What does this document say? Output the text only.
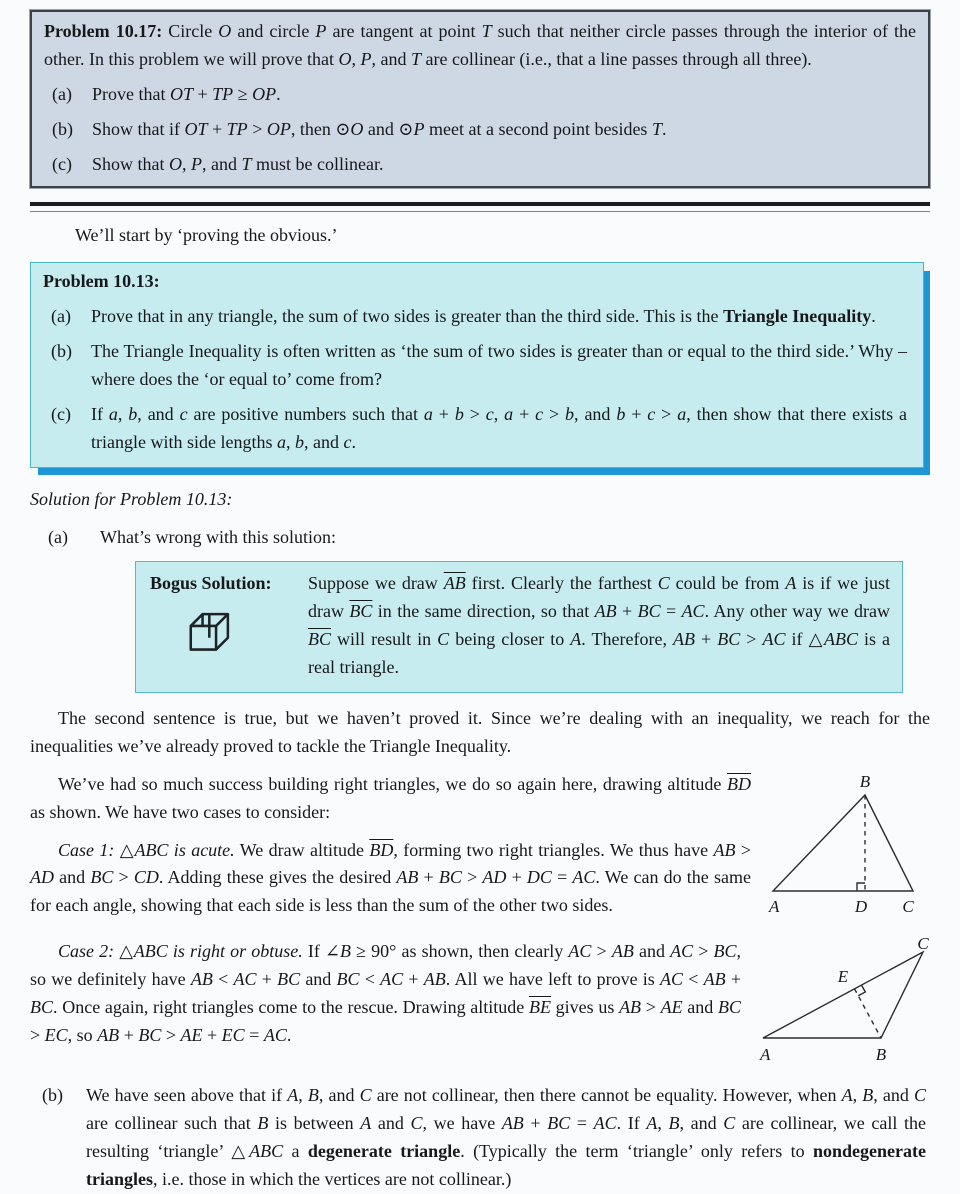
Problem 10.17: Circle O and circle P are tangent at point T such that neither circle passes through the interior of the other. In this problem we will prove that O, P, and T are collinear (i.e., that a line passes through all three).
(a)	Prove that OT + TP ≥ OP.
(b)	Show that if OT + TP > OP, then ⊙O and ⊙P meet at a second point besides T.
(c)	Show that O, P, and T must be collinear.
We’ll start by ‘proving the obvious.’
Problem 10.13:
(a)	Prove that in any triangle, the sum of two sides is greater than the third side. This is the Triangle Inequality.
(b)	The Triangle Inequality is often written as ‘the sum of two sides is greater than or equal to the third side.’ Why – where does the ‘or equal to’ come from?
(c)	If a, b, and c are positive numbers such that a + b > c, a + c > b, and b + c > a, then show that there exists a triangle with side lengths a, b, and c.
Solution for Problem 10.13:
(a)	What’s wrong with this solution:
Bogus Solution:	Suppose we draw $\overline{AB}$ first. Clearly the farthest C could be from A is if we just draw $\overline{BC}$ in the same direction, so that AB + BC = AC. Any other way we draw $\overline{BC}$ will result in C being closer to A. Therefore, AB + BC > AC if △ABC is a real triangle.
The second sentence is true, but we haven’t proved it. Since we’re dealing with an inequality, we reach for the inequalities we’ve already proved to tackle the Triangle Inequality.
We’ve had so much success building right triangles, we do so again here, drawing altitude $\overline{BD}$ as shown. We have two cases to consider:
Case 1: △ABC is acute. We draw altitude $\overline{BD}$, forming two right triangles. We thus have AB > AD and BC > CD. Adding these gives the desired AB + BC > AD + DC = AC. We can do the same for each angle, showing that each side is less than the sum of the other two sides.
B
A	D C
Case 2: △ABC is right or obtuse. If ∠B ≥ 90° as shown, then clearly AC > AB and AC > BC, so we definitely have AB < AC + BC and BC < AC + AB. All we have left to prove is AC < AB + BC. Once again, right triangles come to the rescue. Drawing altitude $\overline{BE}$ gives us AB > AE and BC > EC, so AB + BC > AE + EC = AC.
A	B
C
E
(b)	We have seen above that if A, B, and C are not collinear, then there cannot be equality. However, when A, B, and C are collinear such that B is between A and C, we have AB + BC = AC. If A, B, and C are collinear, we call the resulting ‘triangle’ △ABC a degenerate triangle. (Typically the term ‘triangle’ only refers to nondegenerate triangles, i.e. those in which the vertices are not collinear.)
